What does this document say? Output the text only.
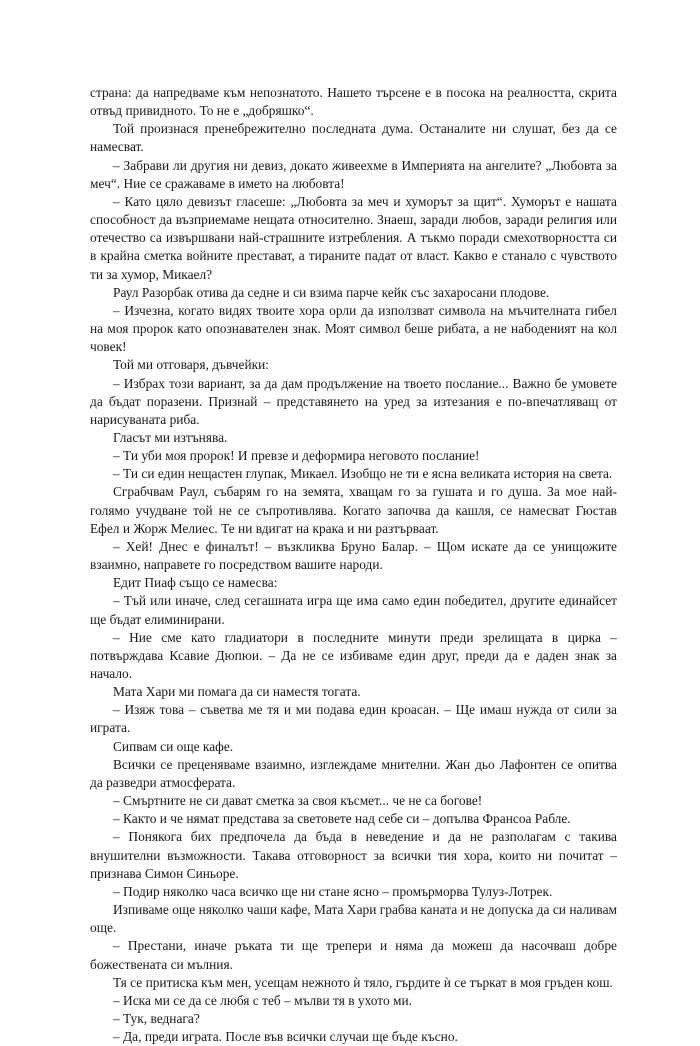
страна: да напредваме към непознатото. Нашето търсене е в посока на реалността, скрита отвъд привидното. То не е „добряшко“.

Той произнася пренебрежително последната дума. Останалите ни слушат, без да се намесват.

– Забрави ли другия ни девиз, докато живеехме в Империята на ангелите? „Любовта за меч“. Ние се сражаваме в името на любовта!

– Като цяло девизът гласеше: „Любовта за меч и хуморът за щит“. Хуморът е нашата способност да възприемаме нещата относително. Знаеш, заради любов, заради религия или отечество са извършвани най-страшните изтребления. А тъкмо поради смехотворността си в крайна сметка войните престават, а тираните падат от власт. Какво е станало с чувството ти за хумор, Микаел?

Раул Разорбак отива да седне и си взима парче кейк със захаросани плодове.

– Изчезна, когато видях твоите хора орли да използват символа на мъчителната гибел на моя пророк като опознавателен знак. Моят символ беше рибата, а не набоденият на кол човек!

Той ми отговаря, дъвчейки:

– Избрах този вариант, за да дам продължение на твоето послание... Важно бе умовете да бъдат поразени. Признай – представянето на уред за изтезания е по-впечатляващ от нарисуваната риба.

Гласът ми изтънява.

– Ти уби моя пророк! И превзе и деформира неговото послание!

– Ти си един нещастен глупак, Микаел. Изобщо не ти е ясна великата история на света.

Сграбчвам Раул, събарям го на земята, хващам го за гушата и го душа. За мое най-голямо учудване той не се съпротивлява. Когато започва да кашля, се намесват Гюстав Ефел и Жорж Мелиес. Те ни вдигат на крака и ни разтърваат.

– Хей! Днес е финалът! – възкликва Бруно Балар. – Щом искате да се унищожите взаимно, направете го посредством вашите народи.

Едит Пиаф също се намесва:

– Тъй или иначе, след сегашната игра ще има само един победител, другите единайсет ще бъдат елиминирани.

– Ние сме като гладиатори в последните минути преди зрелищата в цирка – потвърждава Ксавие Дюпюи. – Да не се избиваме един друг, преди да е даден знак за начало.

Мата Хари ми помага да си наместя тогата.

– Изяж това – съветва ме тя и ми подава един кроасан. – Ще имаш нужда от сили за играта.

Сипвам си още кафе.

Всички се преценяваме взаимно, изглеждаме мнителни. Жан дьо Лафонтен се опитва да разведри атмосферата.

– Смъртните не си дават сметка за своя късмет... че не са богове!

– Както и че нямат представа за световете над себе си – допълва Франсоа Рабле.

– Понякога бих предпочела да бъда в неведение и да не разполагам с такива внушителни възможности. Такава отговорност за всички тия хора, които ни почитат – признава Симон Синьоре.

– Подир няколко часа всичко ще ни стане ясно – промърморва Тулуз-Лотрек.

Изпиваме още няколко чаши кафе, Мата Хари грабва каната и не допуска да си наливам още.

– Престани, иначе ръката ти ще трепери и няма да можеш да насочваш добре божествената си мълния.

Тя се притиска към мен, усещам нежното ѝ тяло, гърдите ѝ се търкат в моя гръден кош.

– Иска ми се да се любя с теб – мълви тя в ухото ми.

– Тук, веднага?

– Да, преди играта. После във всички случаи ще бъде късно.
